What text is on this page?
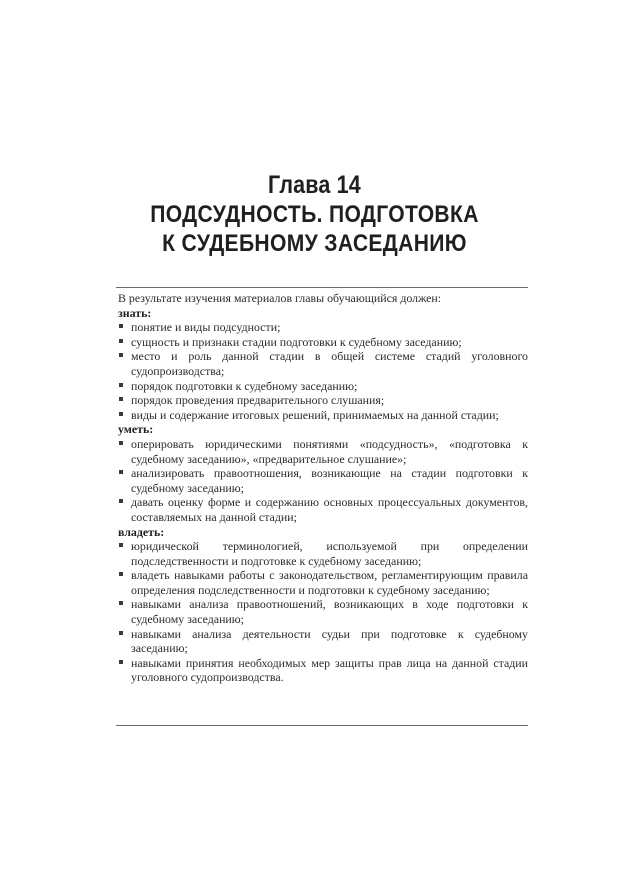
Глава 14
ПОДСУДНОСТЬ. ПОДГОТОВКА
К СУДЕБНОМУ ЗАСЕДАНИЮ
В результате изучения материалов главы обучающийся должен:
знать:
понятие и виды подсудности;
сущность и признаки стадии подготовки к судебному заседанию;
место и роль данной стадии в общей системе стадий уголовного судопроизводства;
порядок подготовки к судебному заседанию;
порядок проведения предварительного слушания;
виды и содержание итоговых решений, принимаемых на данной стадии;
уметь:
оперировать юридическими понятиями «подсудность», «подготовка к судебному заседанию», «предварительное слушание»;
анализировать правоотношения, возникающие на стадии подготовки к судебному заседанию;
давать оценку форме и содержанию основных процессуальных документов, составляемых на данной стадии;
владеть:
юридической терминологией, используемой при определении подследственности и подготовке к судебному заседанию;
владеть навыками работы с законодательством, регламентирующим правила определения подследственности и подготовки к судебному заседанию;
навыками анализа правоотношений, возникающих в ходе подготовки к судебному заседанию;
навыками анализа деятельности судьи при подготовке к судебному заседанию;
навыками принятия необходимых мер защиты прав лица на данной стадии уголовного судопроизводства.
